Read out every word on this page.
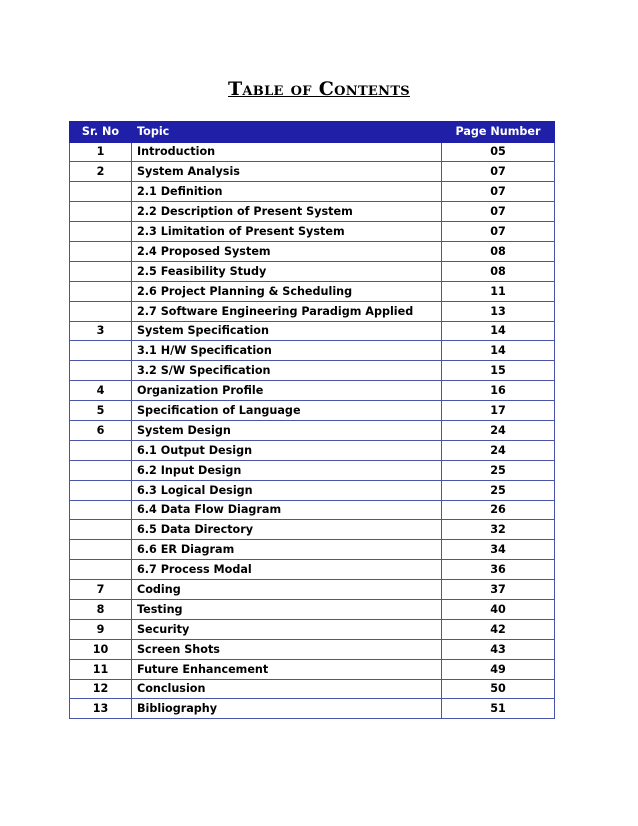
Table of Contents
Sr. No	Topic	Page Number
1	Introduction	05
2	System Analysis	07
	2.1 Definition	07
	2.2 Description of Present System	07
	2.3 Limitation of Present System	07
	2.4 Proposed System	08
	2.5 Feasibility Study	08
	2.6 Project Planning & Scheduling	11
	2.7 Software Engineering Paradigm Applied	13
3	System Specification	14
	3.1 H/W Specification	14
	3.2 S/W Specification	15
4	Organization Profile	16
5	Specification of Language	17
6	System Design	24
	6.1 Output Design	24
	6.2 Input Design	25
	6.3 Logical Design	25
	6.4 Data Flow Diagram	26
	6.5 Data Directory	32
	6.6 ER Diagram	34
	6.7 Process Modal	36
7	Coding	37
8	Testing	40
9	Security	42
10	Screen Shots	43
11	Future Enhancement	49
12	Conclusion	50
13	Bibliography	51
